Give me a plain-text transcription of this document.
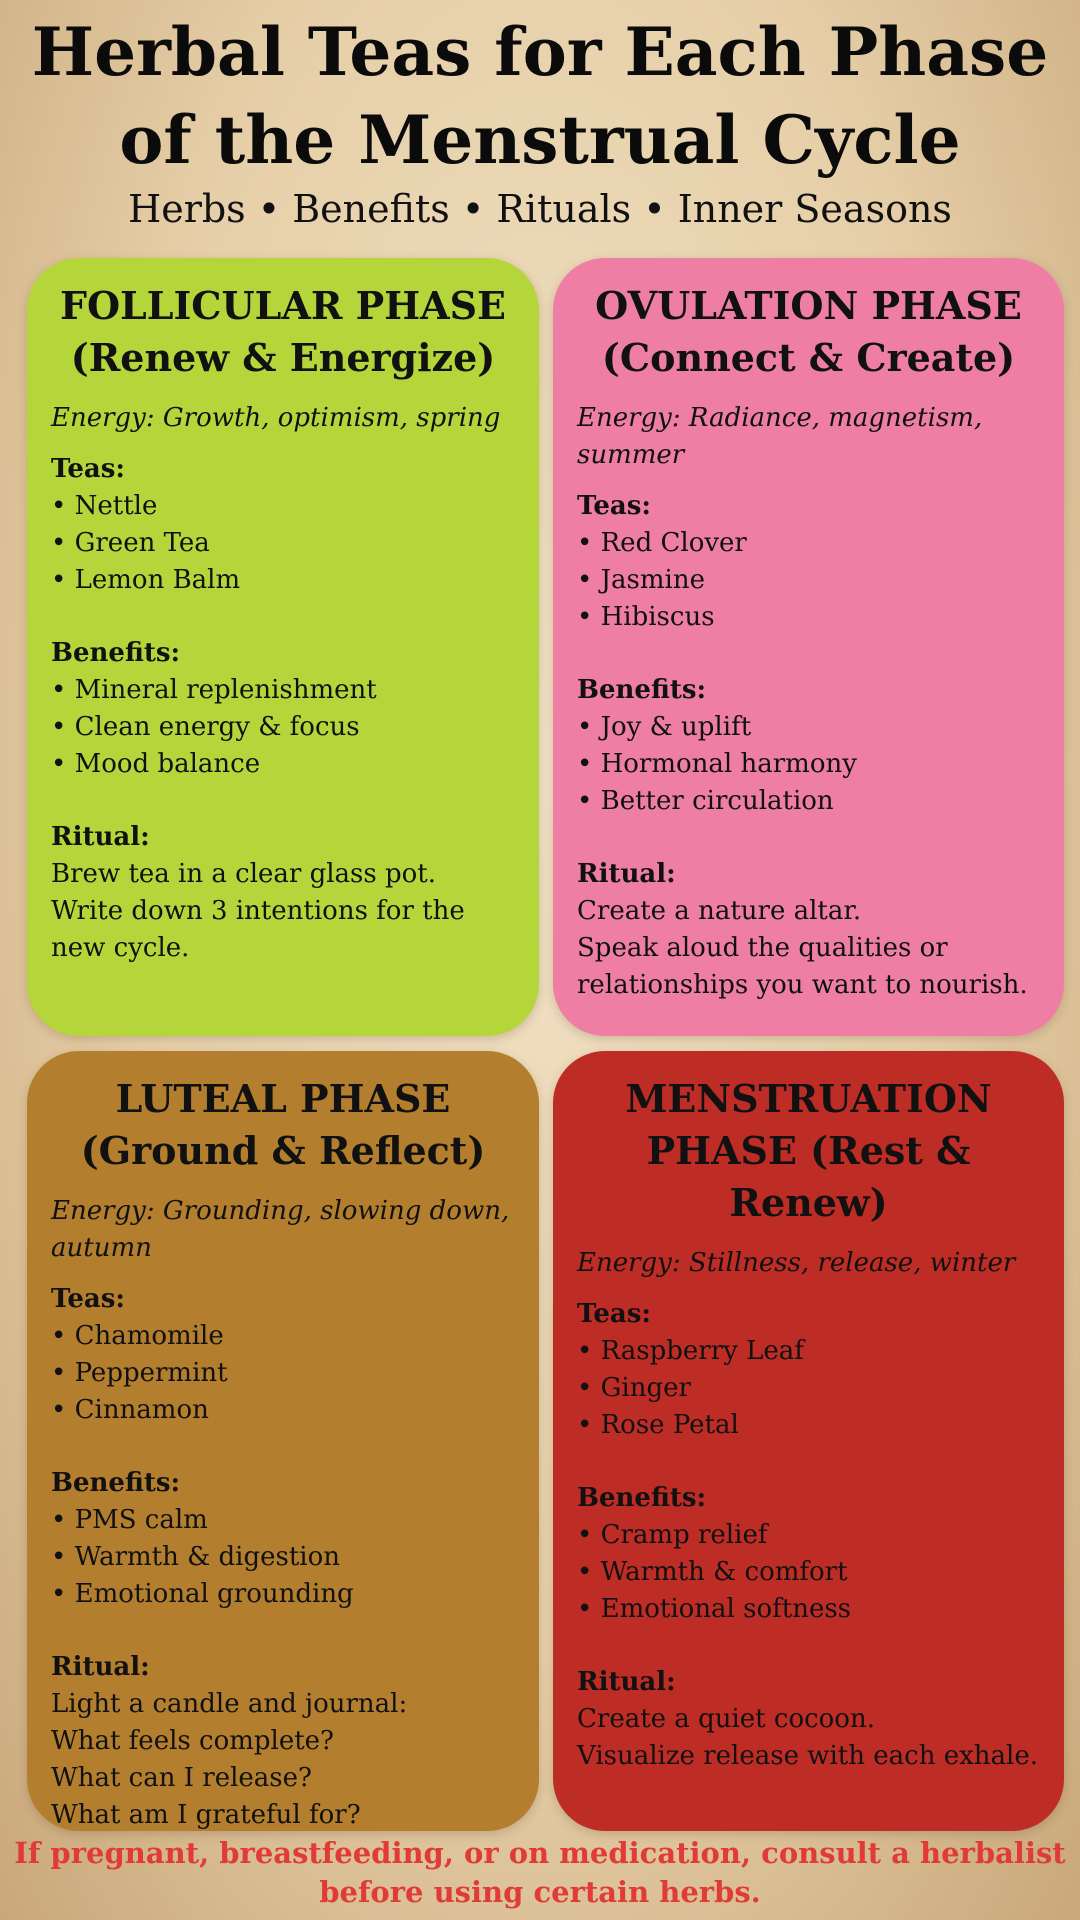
Herbal Teas for Each Phase of the Menstrual Cycle

Herbs • Benefits • Rituals • Inner Seasons

FOLLICULAR PHASE (Renew & Energize)

Energy: Growth, optimism, spring

Teas:

• Nettle
• Green Tea
• Lemon Balm

Benefits:

• Mineral replenishment
• Clean energy & focus
• Mood balance

Ritual:

Brew tea in a clear glass pot.
Write down 3 intentions for the new cycle.

OVULATION PHASE (Connect & Create)

Energy: Radiance, magnetism, summer

Teas:

• Red Clover
• Jasmine
• Hibiscus

Benefits:

• Joy & uplift
• Hormonal harmony
• Better circulation

Ritual:

Create a nature altar.
Speak aloud the qualities or relationships you want to nourish.

LUTEAL PHASE (Ground & Reflect)

Energy: Grounding, slowing down, autumn

Teas:

• Chamomile
• Peppermint
• Cinnamon

Benefits:

• PMS calm
• Warmth & digestion
• Emotional grounding

Ritual:

Light a candle and journal:
What feels complete?
What can I release?
What am I grateful for?

MENSTRUATION PHASE (Rest & Renew)

Energy: Stillness, release, winter

Teas:

• Raspberry Leaf
• Ginger
• Rose Petal

Benefits:

• Cramp relief
• Warmth & comfort
• Emotional softness

Ritual:

Create a quiet cocoon.
Visualize release with each exhale.

If pregnant, breastfeeding, or on medication, consult a herbalist before using certain herbs.
